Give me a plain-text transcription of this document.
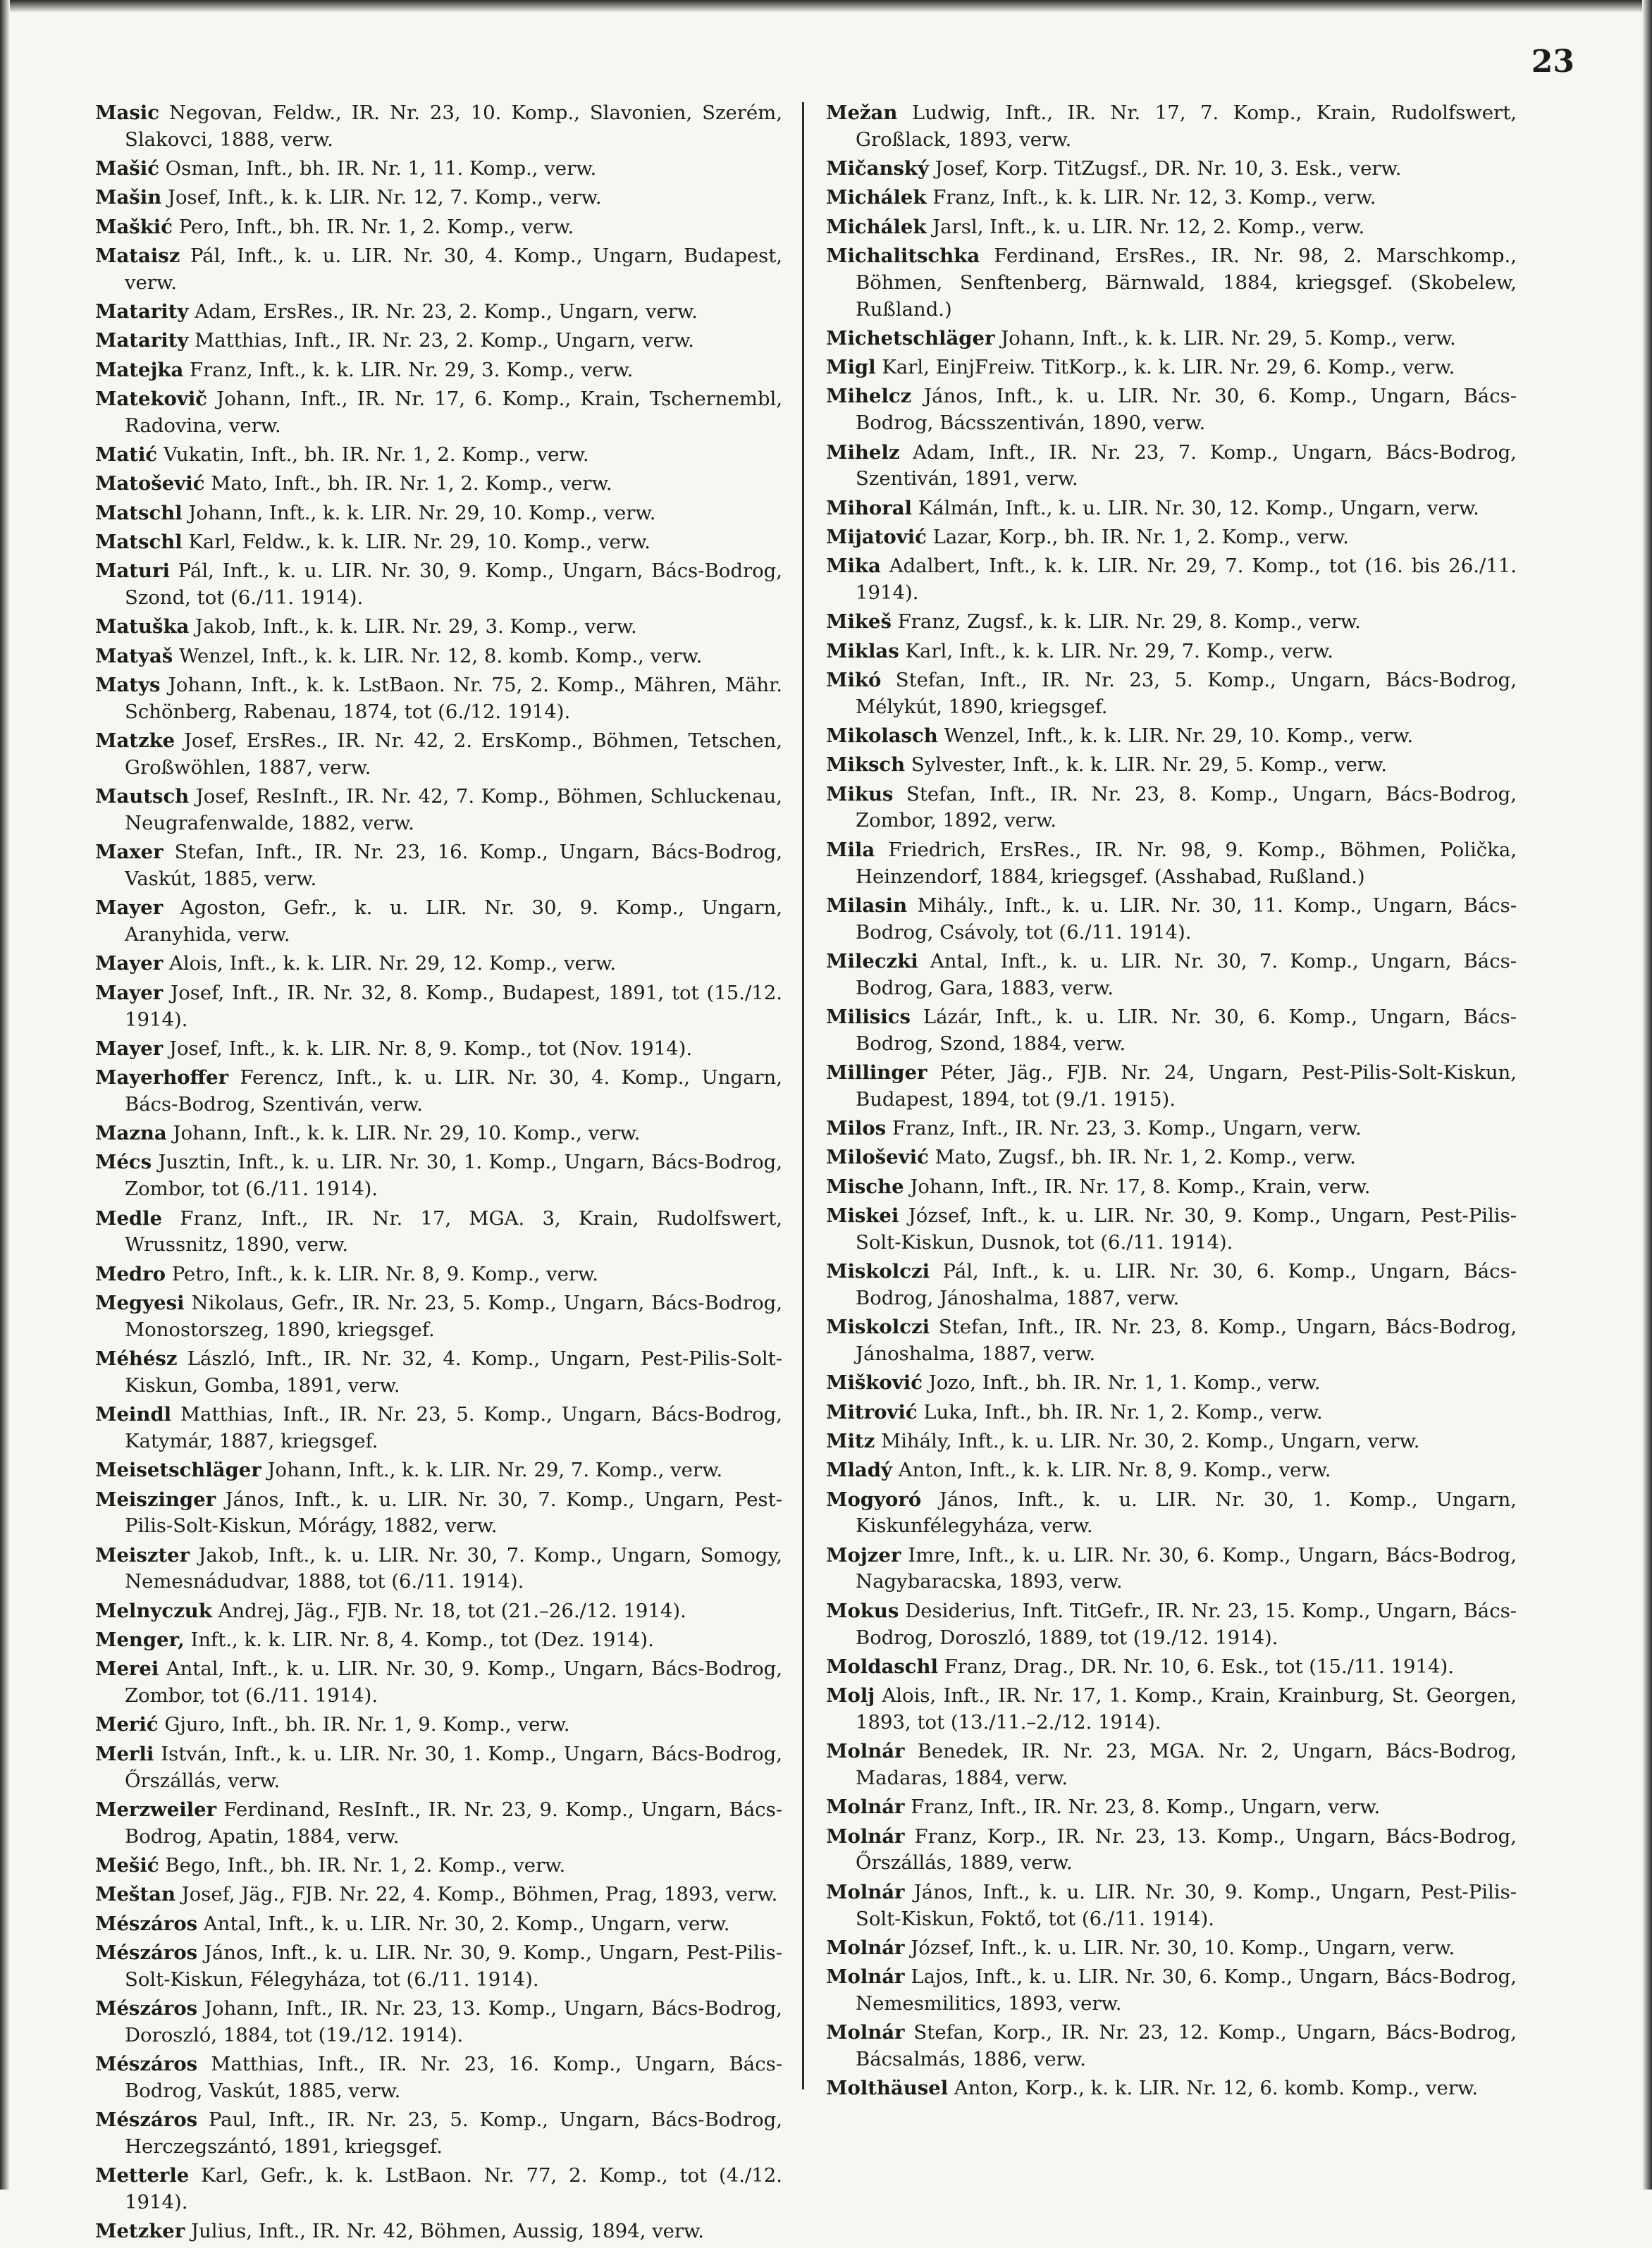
23

Masic Negovan, Feldw., IR. Nr. 23, 10. Komp., Slavonien, Szerém, Slakovci, 1888, verw.

Mašić Osman, Inft., bh. IR. Nr. 1, 11. Komp., verw.

Mašin Josef, Inft., k. k. LIR. Nr. 12, 7. Komp., verw.

Maškić Pero, Inft., bh. IR. Nr. 1, 2. Komp., verw.

Mataisz Pál, Inft., k. u. LIR. Nr. 30, 4. Komp., Ungarn, Budapest, verw.

Matarity Adam, ErsRes., IR. Nr. 23, 2. Komp., Ungarn, verw.

Matarity Matthias, Inft., IR. Nr. 23, 2. Komp., Ungarn, verw.

Matejka Franz, Inft., k. k. LIR. Nr. 29, 3. Komp., verw.

Matekovič Johann, Inft., IR. Nr. 17, 6. Komp., Krain, Tschernembl, Radovina, verw.

Matić Vukatin, Inft., bh. IR. Nr. 1, 2. Komp., verw.

Matošević Mato, Inft., bh. IR. Nr. 1, 2. Komp., verw.

Matschl Johann, Inft., k. k. LIR. Nr. 29, 10. Komp., verw.

Matschl Karl, Feldw., k. k. LIR. Nr. 29, 10. Komp., verw.

Maturi Pál, Inft., k. u. LIR. Nr. 30, 9. Komp., Ungarn, Bács-Bodrog, Szond, tot (6./11. 1914).

Matuška Jakob, Inft., k. k. LIR. Nr. 29, 3. Komp., verw.

Matyaš Wenzel, Inft., k. k. LIR. Nr. 12, 8. komb. Komp., verw.

Matys Johann, Inft., k. k. LstBaon. Nr. 75, 2. Komp., Mähren, Mähr. Schönberg, Rabenau, 1874, tot (6./12. 1914).

Matzke Josef, ErsRes., IR. Nr. 42, 2. ErsKomp., Böhmen, Tetschen, Großwöhlen, 1887, verw.

Mautsch Josef, ResInft., IR. Nr. 42, 7. Komp., Böhmen, Schluckenau, Neugrafenwalde, 1882, verw.

Maxer Stefan, Inft., IR. Nr. 23, 16. Komp., Ungarn, Bács-Bodrog, Vaskút, 1885, verw.

Mayer Agoston, Gefr., k. u. LIR. Nr. 30, 9. Komp., Ungarn, Aranyhida, verw.

Mayer Alois, Inft., k. k. LIR. Nr. 29, 12. Komp., verw.

Mayer Josef, Inft., IR. Nr. 32, 8. Komp., Budapest, 1891, tot (15./12. 1914).

Mayer Josef, Inft., k. k. LIR. Nr. 8, 9. Komp., tot (Nov. 1914).

Mayerhoffer Ferencz, Inft., k. u. LIR. Nr. 30, 4. Komp., Ungarn, Bács-Bodrog, Szentiván, verw.

Mazna Johann, Inft., k. k. LIR. Nr. 29, 10. Komp., verw.

Mécs Jusztin, Inft., k. u. LIR. Nr. 30, 1. Komp., Ungarn, Bács-Bodrog, Zombor, tot (6./11. 1914).

Medle Franz, Inft., IR. Nr. 17, MGA. 3, Krain, Rudolfswert, Wrussnitz, 1890, verw.

Medro Petro, Inft., k. k. LIR. Nr. 8, 9. Komp., verw.

Megyesi Nikolaus, Gefr., IR. Nr. 23, 5. Komp., Ungarn, Bács-Bodrog, Monostorszeg, 1890, kriegsgef.

Méhész László, Inft., IR. Nr. 32, 4. Komp., Ungarn, Pest-Pilis-Solt-Kiskun, Gomba, 1891, verw.

Meindl Matthias, Inft., IR. Nr. 23, 5. Komp., Ungarn, Bács-Bodrog, Katymár, 1887, kriegsgef.

Meisetschläger Johann, Inft., k. k. LIR. Nr. 29, 7. Komp., verw.

Meiszinger János, Inft., k. u. LIR. Nr. 30, 7. Komp., Ungarn, Pest-Pilis-Solt-Kiskun, Mórágy, 1882, verw.

Meiszter Jakob, Inft., k. u. LIR. Nr. 30, 7. Komp., Ungarn, Somogy, Nemesnádudvar, 1888, tot (6./11. 1914).

Melnyczuk Andrej, Jäg., FJB. Nr. 18, tot (21.–26./12. 1914).

Menger, Inft., k. k. LIR. Nr. 8, 4. Komp., tot (Dez. 1914).

Merei Antal, Inft., k. u. LIR. Nr. 30, 9. Komp., Ungarn, Bács-Bodrog, Zombor, tot (6./11. 1914).

Merić Gjuro, Inft., bh. IR. Nr. 1, 9. Komp., verw.

Merli István, Inft., k. u. LIR. Nr. 30, 1. Komp., Ungarn, Bács-Bodrog, Őrszállás, verw.

Merzweiler Ferdinand, ResInft., IR. Nr. 23, 9. Komp., Ungarn, Bács-Bodrog, Apatin, 1884, verw.

Mešić Bego, Inft., bh. IR. Nr. 1, 2. Komp., verw.

Meštan Josef, Jäg., FJB. Nr. 22, 4. Komp., Böhmen, Prag, 1893, verw.

Mészáros Antal, Inft., k. u. LIR. Nr. 30, 2. Komp., Ungarn, verw.

Mészáros János, Inft., k. u. LIR. Nr. 30, 9. Komp., Ungarn, Pest-Pilis-Solt-Kiskun, Félegyháza, tot (6./11. 1914).

Mészáros Johann, Inft., IR. Nr. 23, 13. Komp., Ungarn, Bács-Bodrog, Doroszló, 1884, tot (19./12. 1914).

Mészáros Matthias, Inft., IR. Nr. 23, 16. Komp., Ungarn, Bács-Bodrog, Vaskút, 1885, verw.

Mészáros Paul, Inft., IR. Nr. 23, 5. Komp., Ungarn, Bács-Bodrog, Herczegszántó, 1891, kriegsgef.

Metterle Karl, Gefr., k. k. LstBaon. Nr. 77, 2. Komp., tot (4./12. 1914).

Metzker Julius, Inft., IR. Nr. 42, Böhmen, Aussig, 1894, verw.

Mežan Ludwig, Inft., IR. Nr. 17, 7. Komp., Krain, Rudolfswert, Großlack, 1893, verw.

Mičanský Josef, Korp. TitZugsf., DR. Nr. 10, 3. Esk., verw.

Michálek Franz, Inft., k. k. LIR. Nr. 12, 3. Komp., verw.

Michálek Jarsl, Inft., k. u. LIR. Nr. 12, 2. Komp., verw.

Michalitschka Ferdinand, ErsRes., IR. Nr. 98, 2. Marschkomp., Böhmen, Senftenberg, Bärnwald, 1884, kriegsgef. (Skobelew, Rußland.)

Michetschläger Johann, Inft., k. k. LIR. Nr. 29, 5. Komp., verw.

Migl Karl, EinjFreiw. TitKorp., k. k. LIR. Nr. 29, 6. Komp., verw.

Mihelcz János, Inft., k. u. LIR. Nr. 30, 6. Komp., Ungarn, Bács-Bodrog, Bácsszentiván, 1890, verw.

Mihelz Adam, Inft., IR. Nr. 23, 7. Komp., Ungarn, Bács-Bodrog, Szentiván, 1891, verw.

Mihoral Kálmán, Inft., k. u. LIR. Nr. 30, 12. Komp., Ungarn, verw.

Mijatović Lazar, Korp., bh. IR. Nr. 1, 2. Komp., verw.

Mika Adalbert, Inft., k. k. LIR. Nr. 29, 7. Komp., tot (16. bis 26./11. 1914).

Mikeš Franz, Zugsf., k. k. LIR. Nr. 29, 8. Komp., verw.

Miklas Karl, Inft., k. k. LIR. Nr. 29, 7. Komp., verw.

Mikó Stefan, Inft., IR. Nr. 23, 5. Komp., Ungarn, Bács-Bodrog, Mélykút, 1890, kriegsgef.

Mikolasch Wenzel, Inft., k. k. LIR. Nr. 29, 10. Komp., verw.

Miksch Sylvester, Inft., k. k. LIR. Nr. 29, 5. Komp., verw.

Mikus Stefan, Inft., IR. Nr. 23, 8. Komp., Ungarn, Bács-Bodrog, Zombor, 1892, verw.

Mila Friedrich, ErsRes., IR. Nr. 98, 9. Komp., Böhmen, Polička, Heinzendorf, 1884, kriegsgef. (Asshabad, Rußland.)

Milasin Mihály., Inft., k. u. LIR. Nr. 30, 11. Komp., Ungarn, Bács-Bodrog, Csávoly, tot (6./11. 1914).

Mileczki Antal, Inft., k. u. LIR. Nr. 30, 7. Komp., Ungarn, Bács-Bodrog, Gara, 1883, verw.

Milisics Lázár, Inft., k. u. LIR. Nr. 30, 6. Komp., Ungarn, Bács-Bodrog, Szond, 1884, verw.

Millinger Péter, Jäg., FJB. Nr. 24, Ungarn, Pest-Pilis-Solt-Kiskun, Budapest, 1894, tot (9./1. 1915).

Milos Franz, Inft., IR. Nr. 23, 3. Komp., Ungarn, verw.

Milošević Mato, Zugsf., bh. IR. Nr. 1, 2. Komp., verw.

Mische Johann, Inft., IR. Nr. 17, 8. Komp., Krain, verw.

Miskei József, Inft., k. u. LIR. Nr. 30, 9. Komp., Ungarn, Pest-Pilis-Solt-Kiskun, Dusnok, tot (6./11. 1914).

Miskolczi Pál, Inft., k. u. LIR. Nr. 30, 6. Komp., Ungarn, Bács-Bodrog, Jánoshalma, 1887, verw.

Miskolczi Stefan, Inft., IR. Nr. 23, 8. Komp., Ungarn, Bács-Bodrog, Jánoshalma, 1887, verw.

Mišković Jozo, Inft., bh. IR. Nr. 1, 1. Komp., verw.

Mitrović Luka, Inft., bh. IR. Nr. 1, 2. Komp., verw.

Mitz Mihály, Inft., k. u. LIR. Nr. 30, 2. Komp., Ungarn, verw.

Mladý Anton, Inft., k. k. LIR. Nr. 8, 9. Komp., verw.

Mogyoró János, Inft., k. u. LIR. Nr. 30, 1. Komp., Ungarn, Kiskunfélegyháza, verw.

Mojzer Imre, Inft., k. u. LIR. Nr. 30, 6. Komp., Ungarn, Bács-Bodrog, Nagybaracska, 1893, verw.

Mokus Desiderius, Inft. TitGefr., IR. Nr. 23, 15. Komp., Ungarn, Bács-Bodrog, Doroszló, 1889, tot (19./12. 1914).

Moldaschl Franz, Drag., DR. Nr. 10, 6. Esk., tot (15./11. 1914).

Molj Alois, Inft., IR. Nr. 17, 1. Komp., Krain, Krainburg, St. Georgen, 1893, tot (13./11.–2./12. 1914).

Molnár Benedek, IR. Nr. 23, MGA. Nr. 2, Ungarn, Bács-Bodrog, Madaras, 1884, verw.

Molnár Franz, Inft., IR. Nr. 23, 8. Komp., Ungarn, verw.

Molnár Franz, Korp., IR. Nr. 23, 13. Komp., Ungarn, Bács-Bodrog, Őrszállás, 1889, verw.

Molnár János, Inft., k. u. LIR. Nr. 30, 9. Komp., Ungarn, Pest-Pilis-Solt-Kiskun, Foktő, tot (6./11. 1914).

Molnár József, Inft., k. u. LIR. Nr. 30, 10. Komp., Ungarn, verw.

Molnár Lajos, Inft., k. u. LIR. Nr. 30, 6. Komp., Ungarn, Bács-Bodrog, Nemesmilitics, 1893, verw.

Molnár Stefan, Korp., IR. Nr. 23, 12. Komp., Ungarn, Bács-Bodrog, Bácsalmás, 1886, verw.

Molthäusel Anton, Korp., k. k. LIR. Nr. 12, 6. komb. Komp., verw.
